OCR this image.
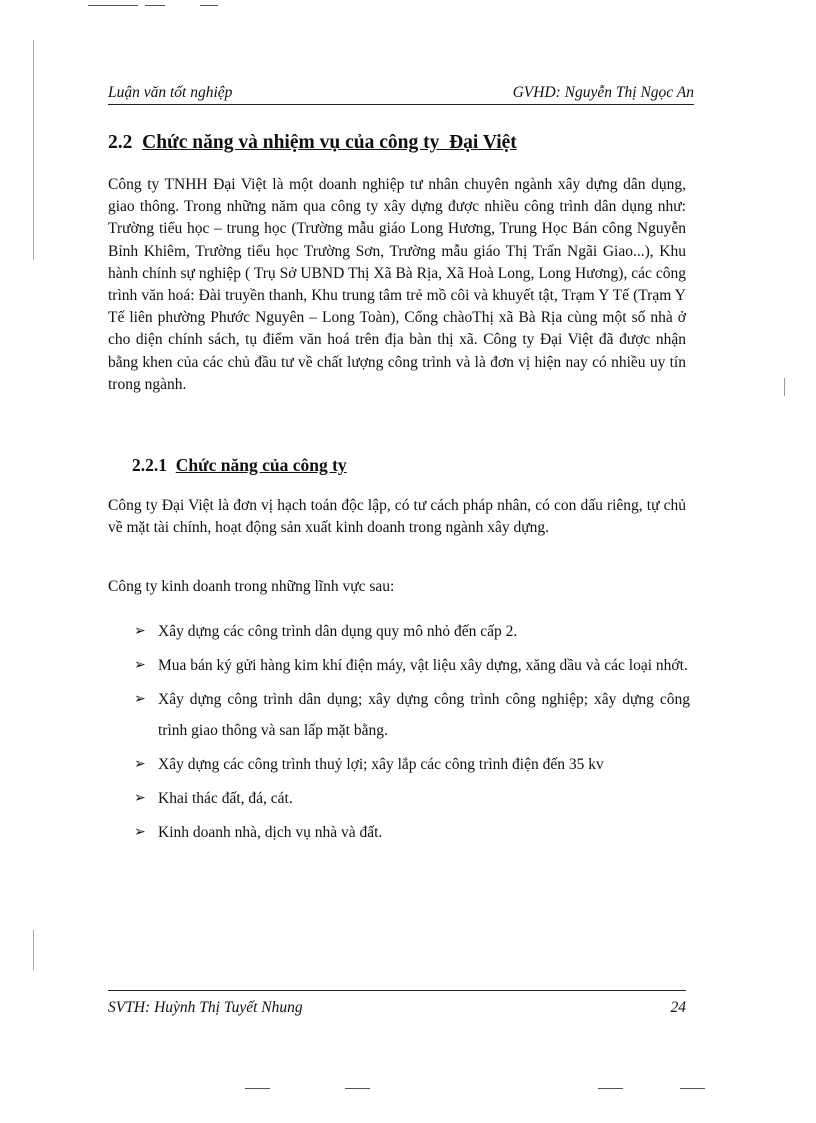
Luận văn tốt nghiệp	GVHD: Nguyễn Thị Ngọc An
2.2 Chức năng và nhiệm vụ của công ty  Đại Việt

Công ty TNHH Đại Việt là một doanh nghiệp tư nhân chuyên ngành xây dựng dân dụng, giao thông. Trong những năm qua công ty xây dựng được nhiều công trình dân dụng như: Trường tiểu học – trung học (Trường mẫu giáo Long Hương, Trung Học Bán công Nguyễn Bỉnh Khiêm, Trường tiểu học Trường Sơn, Trường mẫu giáo Thị Trấn Ngãi Giao...), Khu hành chính sự nghiệp ( Trụ Sở UBND Thị Xã Bà Rịa, Xã Hoà Long, Long Hương), các công trình văn hoá: Đài truyền thanh, Khu trung tâm trẻ mồ côi và khuyết tật, Trạm Y Tế (Trạm Y Tế liên phường Phước Nguyên – Long Toàn), Cổng chàoThị xã Bà Rịa cùng một số nhà ở cho diện chính sách, tụ điểm văn hoá trên địa bàn thị xã. Công ty Đại Việt đã được nhận bằng khen của các chủ đầu tư về chất lượng công trình và là đơn vị hiện nay có nhiều uy tín trong ngành.

2.2.1 Chức năng của công ty

Công ty Đại Việt là đơn vị hạch toán độc lập, có tư cách pháp nhân, có con dấu riêng, tự chủ về mặt tài chính, hoạt động sản xuất kinh doanh trong ngành xây dựng.

Công ty kinh doanh trong những lĩnh vực sau:

➢ Xây dựng các công trình dân dụng quy mô nhỏ đến cấp 2.
➢ Mua bán ký gửi hàng kim khí điện máy, vật liệu xây dựng, xăng dầu và các loại nhớt.
➢ Xây dựng công trình dân dụng; xây dựng công trình công nghiệp; xây dựng công trình giao thông và san lấp mặt bằng.
➢ Xây dựng các công trình thuỷ lợi; xây lắp các công trình điện đến 35 kv
➢ Khai thác đất, đá, cát.
➢ Kinh doanh nhà, dịch vụ nhà và đất.
SVTH: Huỳnh Thị Tuyết Nhung	24
